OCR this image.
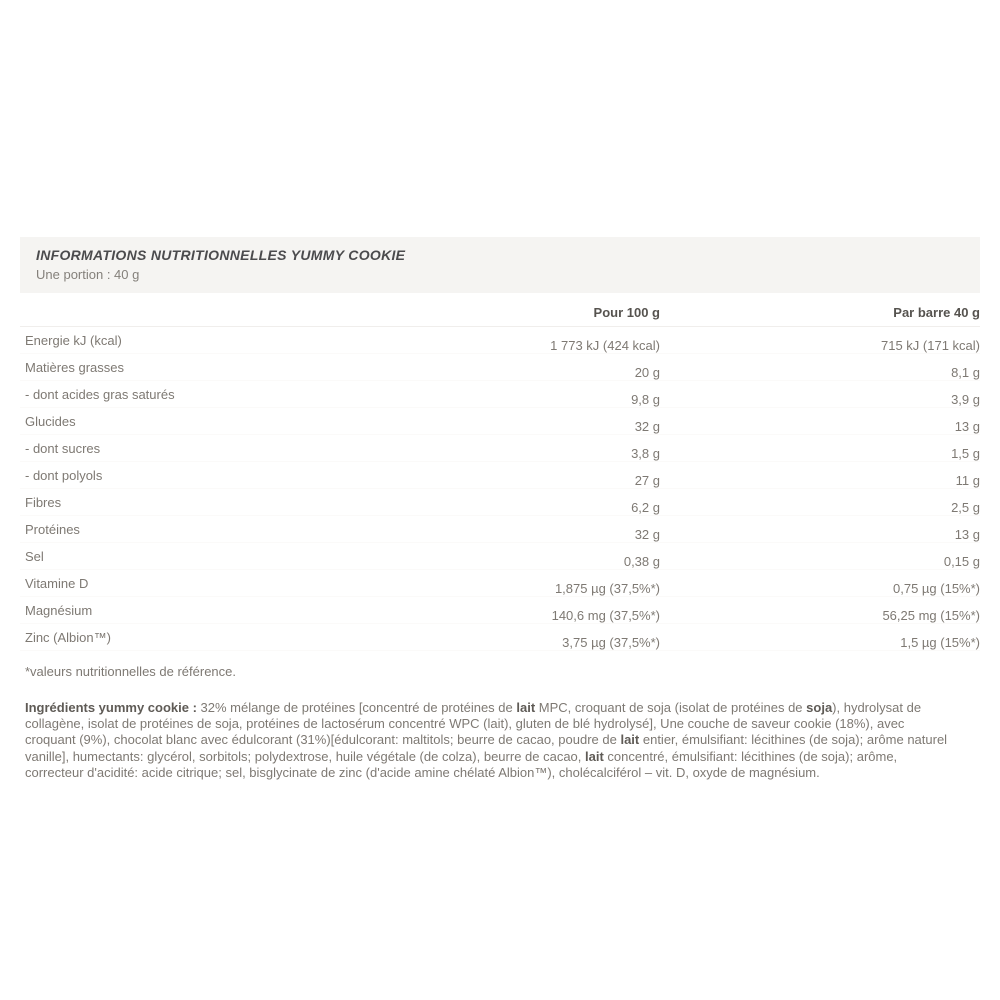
INFORMATIONS NUTRITIONNELLES YUMMY COOKIE
Une portion : 40 g
Pour 100 g	Par barre 40 g
Energie kJ (kcal)	1 773 kJ (424 kcal)	715 kJ (171 kcal)
Matières grasses	20 g	8,1 g
- dont acides gras saturés	9,8 g	3,9 g
Glucides	32 g	13 g
- dont sucres	3,8 g	1,5 g
- dont polyols	27 g	11 g
Fibres	6,2 g	2,5 g
Protéines	32 g	13 g
Sel	0,38 g	0,15 g
Vitamine D	1,875 µg (37,5%*)	0,75 µg (15%*)
Magnésium	140,6 mg (37,5%*)	56,25 mg (15%*)
Zinc (Albion™)	3,75 µg (37,5%*)	1,5 µg (15%*)
*valeurs nutritionnelles de référence.

Ingrédients yummy cookie : 32% mélange de protéines [concentré de protéines de lait MPC, croquant de soja (isolat de protéines de soja), hydrolysat de collagène, isolat de protéines de soja, protéines de lactosérum concentré WPC (lait), gluten de blé hydrolysé], Une couche de saveur cookie (18%), avec croquant (9%), chocolat blanc avec édulcorant (31%)[édulcorant: maltitols; beurre de cacao, poudre de lait entier, émulsifiant: lécithines (de soja); arôme naturel vanille], humectants: glycérol, sorbitols; polydextrose, huile végétale (de colza), beurre de cacao, lait concentré, émulsifiant: lécithines (de soja); arôme, correcteur d'acidité: acide citrique; sel, bisglycinate de zinc (d'acide amine chélaté Albion™), cholécalciférol – vit. D, oxyde de magnésium.
